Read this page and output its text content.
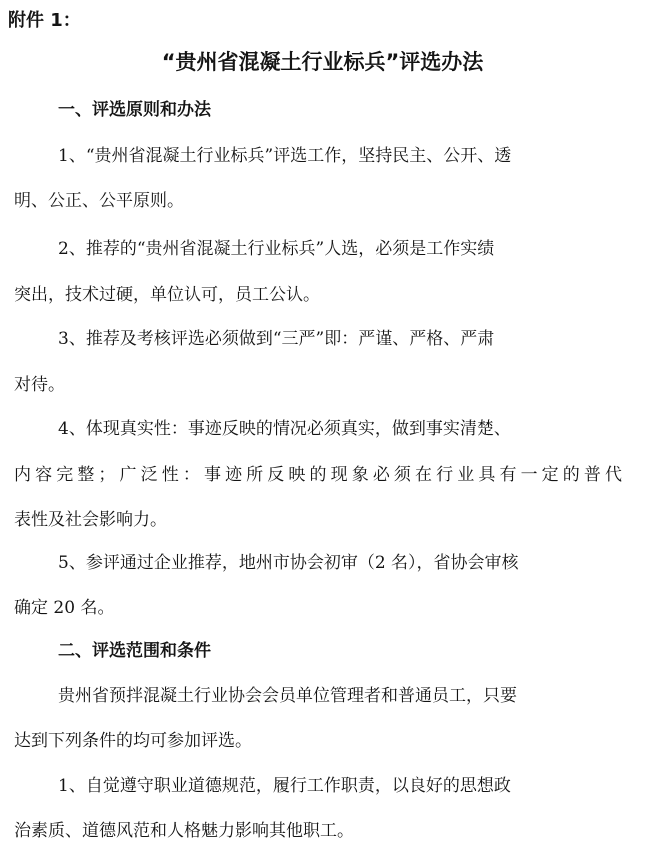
附件 1：
“贵州省混凝土行业标兵”评选办法
一、评选原则和办法
1、“贵州省混凝土行业标兵”评选工作，坚持民主、公开、透
明、公正、公平原则。
2、推荐的“贵州省混凝土行业标兵”人选，必须是工作实绩
突出，技术过硬，单位认可，员工公认。
3、推荐及考核评选必须做到“三严”即：严谨、严格、严肃
对待。
4、体现真实性：事迹反映的情况必须真实，做到事实清楚、
内容完整；广泛性：事迹所反映的现象必须在行业具有一定的普代
表性及社会影响力。
5、参评通过企业推荐，地州市协会初审（2 名），省协会审核
确定 20 名。
二、评选范围和条件
贵州省预拌混凝土行业协会会员单位管理者和普通员工，只要
达到下列条件的均可参加评选。
1、自觉遵守职业道德规范，履行工作职责，以良好的思想政
治素质、道德风范和人格魅力影响其他职工。
